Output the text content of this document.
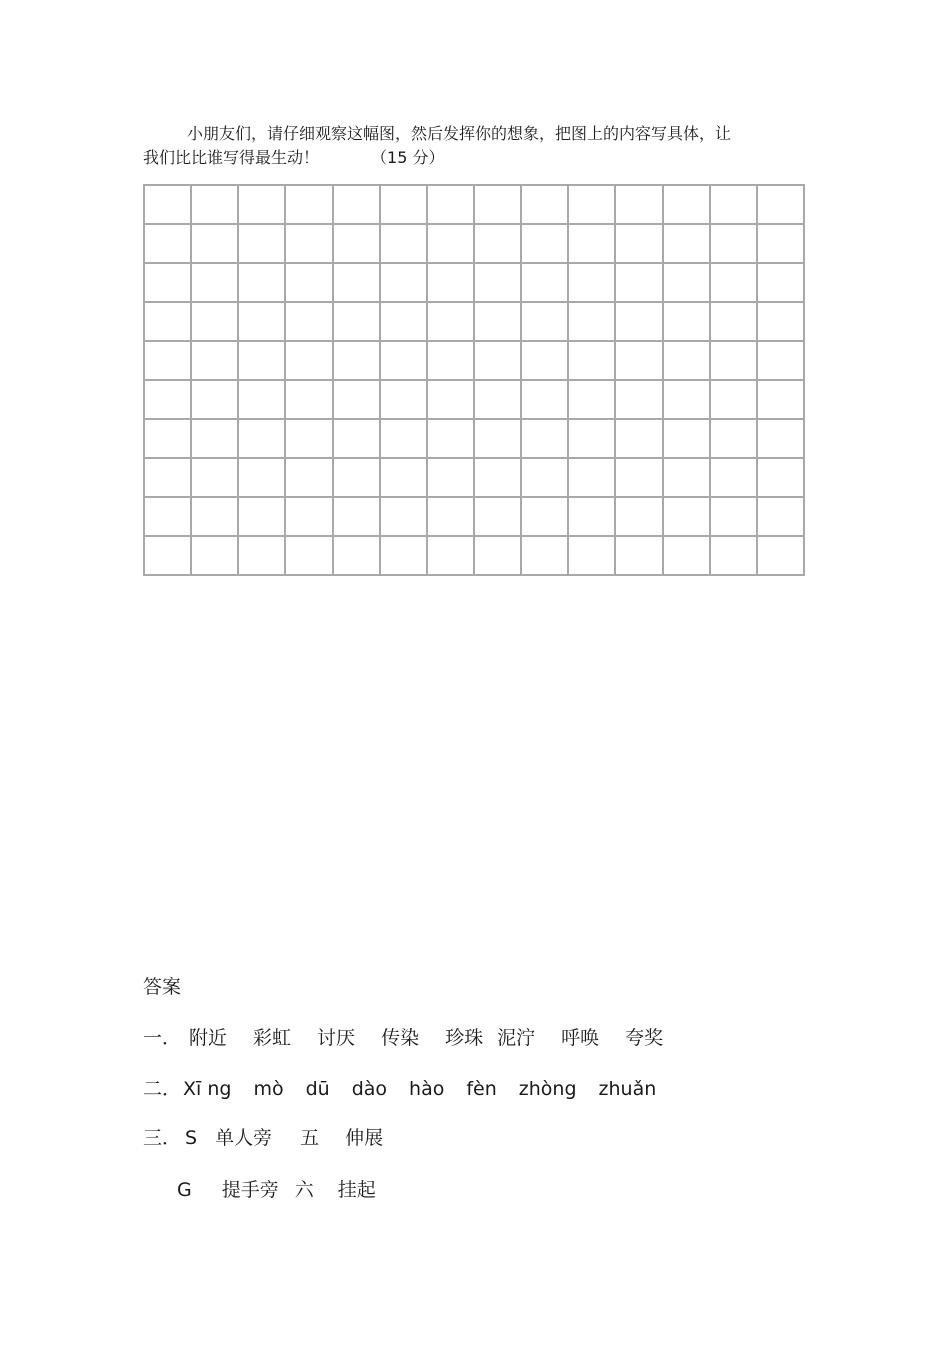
小朋友们，请仔细观察这幅图，然后发挥你的想象，把图上的内容写具体，让
我们比比谁写得最生动！	（15 分）

答案
一． 附近 彩虹 讨厌 传染 珍珠 泥泞 呼唤 夸奖
二． Xī ng mò dū dào hào fèn zhòng zhuǎn
三． S 单人旁 五 伸展
G 提手旁 六 挂起
